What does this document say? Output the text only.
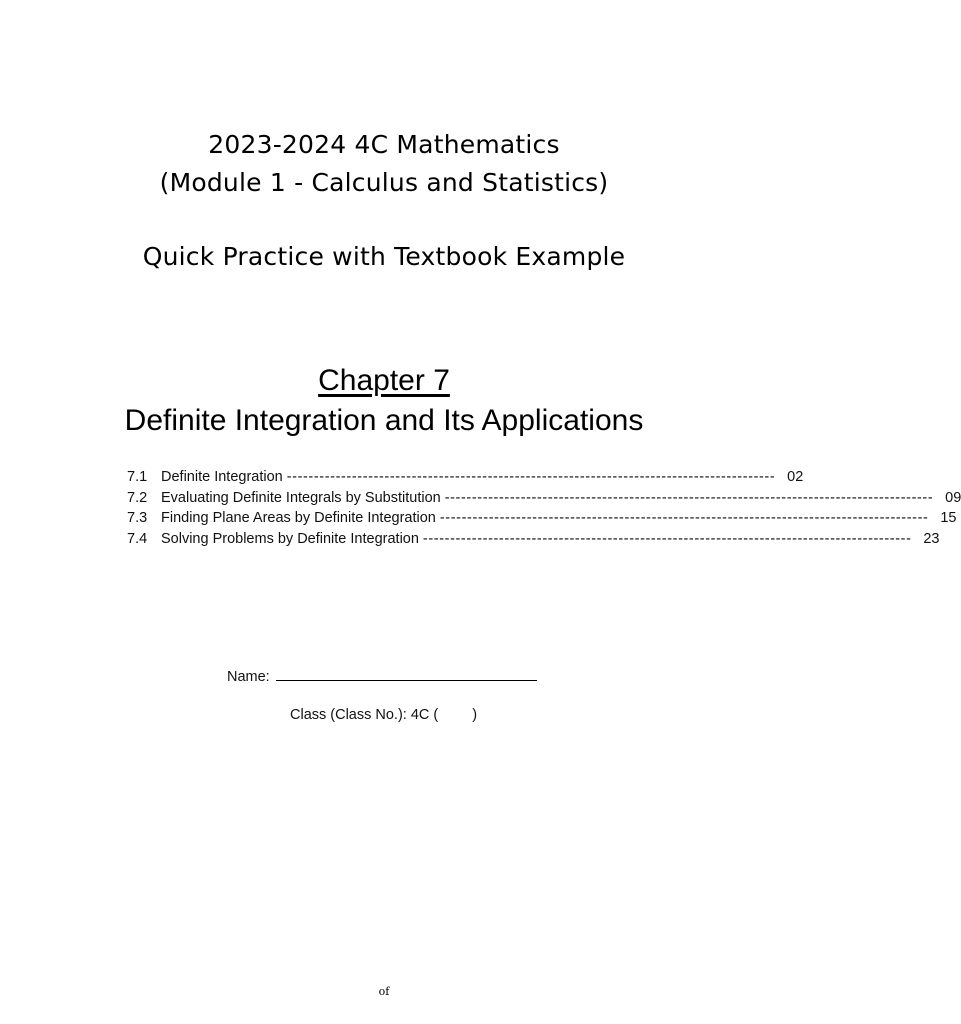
2023-2024 4C Mathematics
(Module 1 - Calculus and Statistics)
Quick Practice with Textbook Example
Chapter 7
Definite Integration and Its Applications
7.1 Definite Integration ------------------------------------------------------------------------------------------ 02
7.2 Evaluating Definite Integrals by Substitution ------------------------------------------------------------------------------------------ 09
7.3 Finding Plane Areas by Definite Integration ------------------------------------------------------------------------------------------ 15
7.4 Solving Problems by Definite Integration ------------------------------------------------------------------------------------------ 23
Name:
Class (Class No.): 4C ( )
of
